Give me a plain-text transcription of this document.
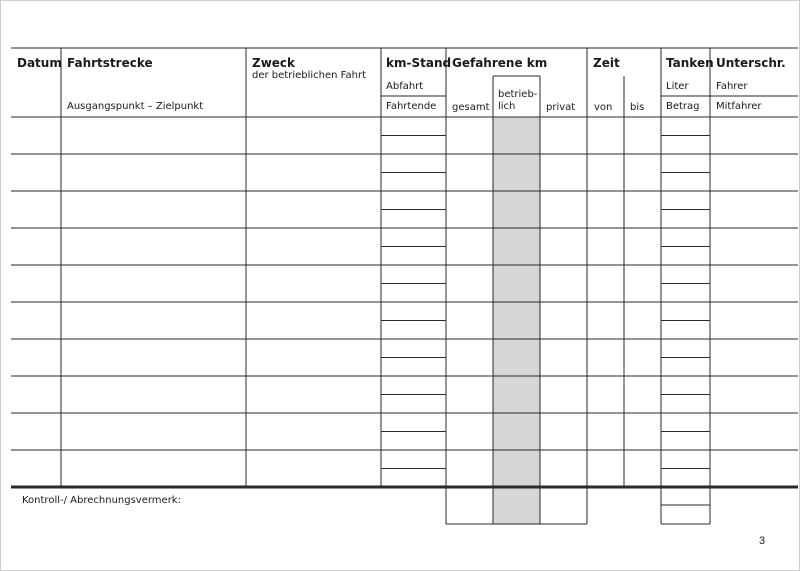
Datum Fahrtstrecke
Ausgangspunkt – Zielpunkt
Zweck
der betrieblichen Fahrt
km-Stand
Abfahrt
Fahrtende
Gefahrene km
gesamt
betrieb-
lich	privat
Zeit
von bis
Tanken
Liter
Betrag
Unterschr.
Fahrer
Mitfahrer
Kontroll-/ Abrechnungsvermerk:
3
